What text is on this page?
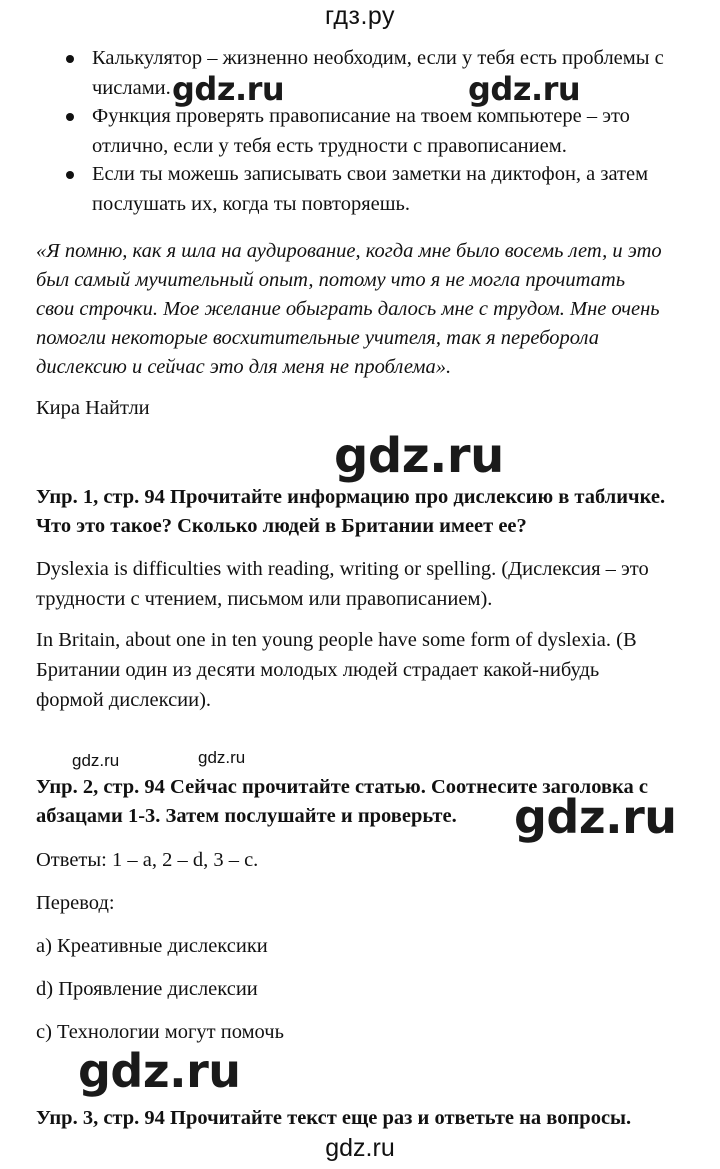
гдз.ру
Калькулятор – жизненно необходим, если у тебя есть проблемы с
числами.
Функция проверять правописание на твоем компьютере – это
отлично, если у тебя есть трудности с правописанием.
Если ты можешь записывать свои заметки на диктофон, а затем
послушать их, когда ты повторяешь.
«Я помню, как я шла на аудирование, когда мне было восемь лет, и это
был самый мучительный опыт, потому что я не могла прочитать
свои строчки. Мое желание обыграть далось мне с трудом. Мне очень
помогли некоторые восхитительные учителя, так я переборола
дислексию и сейчас это для меня не проблема».
Кира Найтли
Упр. 1, стр. 94 Прочитайте информацию про дислексию в табличке.
Что это такое? Сколько людей в Британии имеет ее?
Dyslexia is difficulties with reading, writing or spelling. (Дислексия – это
трудности с чтением, письмом или правописанием).
In Britain, about one in ten young people have some form of dyslexia. (В
Британии один из десяти молодых людей страдает какой-нибудь
формой дислексии).
Упр. 2, стр. 94 Сейчас прочитайте статью. Соотнесите заголовка с
абзацами 1-3. Затем послушайте и проверьте.
Ответы: 1 – a, 2 – d, 3 – c.
Перевод:
a) Креативные дислексики
d) Проявление дислексии
c) Технологии могут помочь
Упр. 3, стр. 94 Прочитайте текст еще раз и ответьте на вопросы.
gdz.ru	gdz.ru
gdz.ru
gdz.ru	gdz.ru
gdz.ru
gdz.ru
gdz.ru
